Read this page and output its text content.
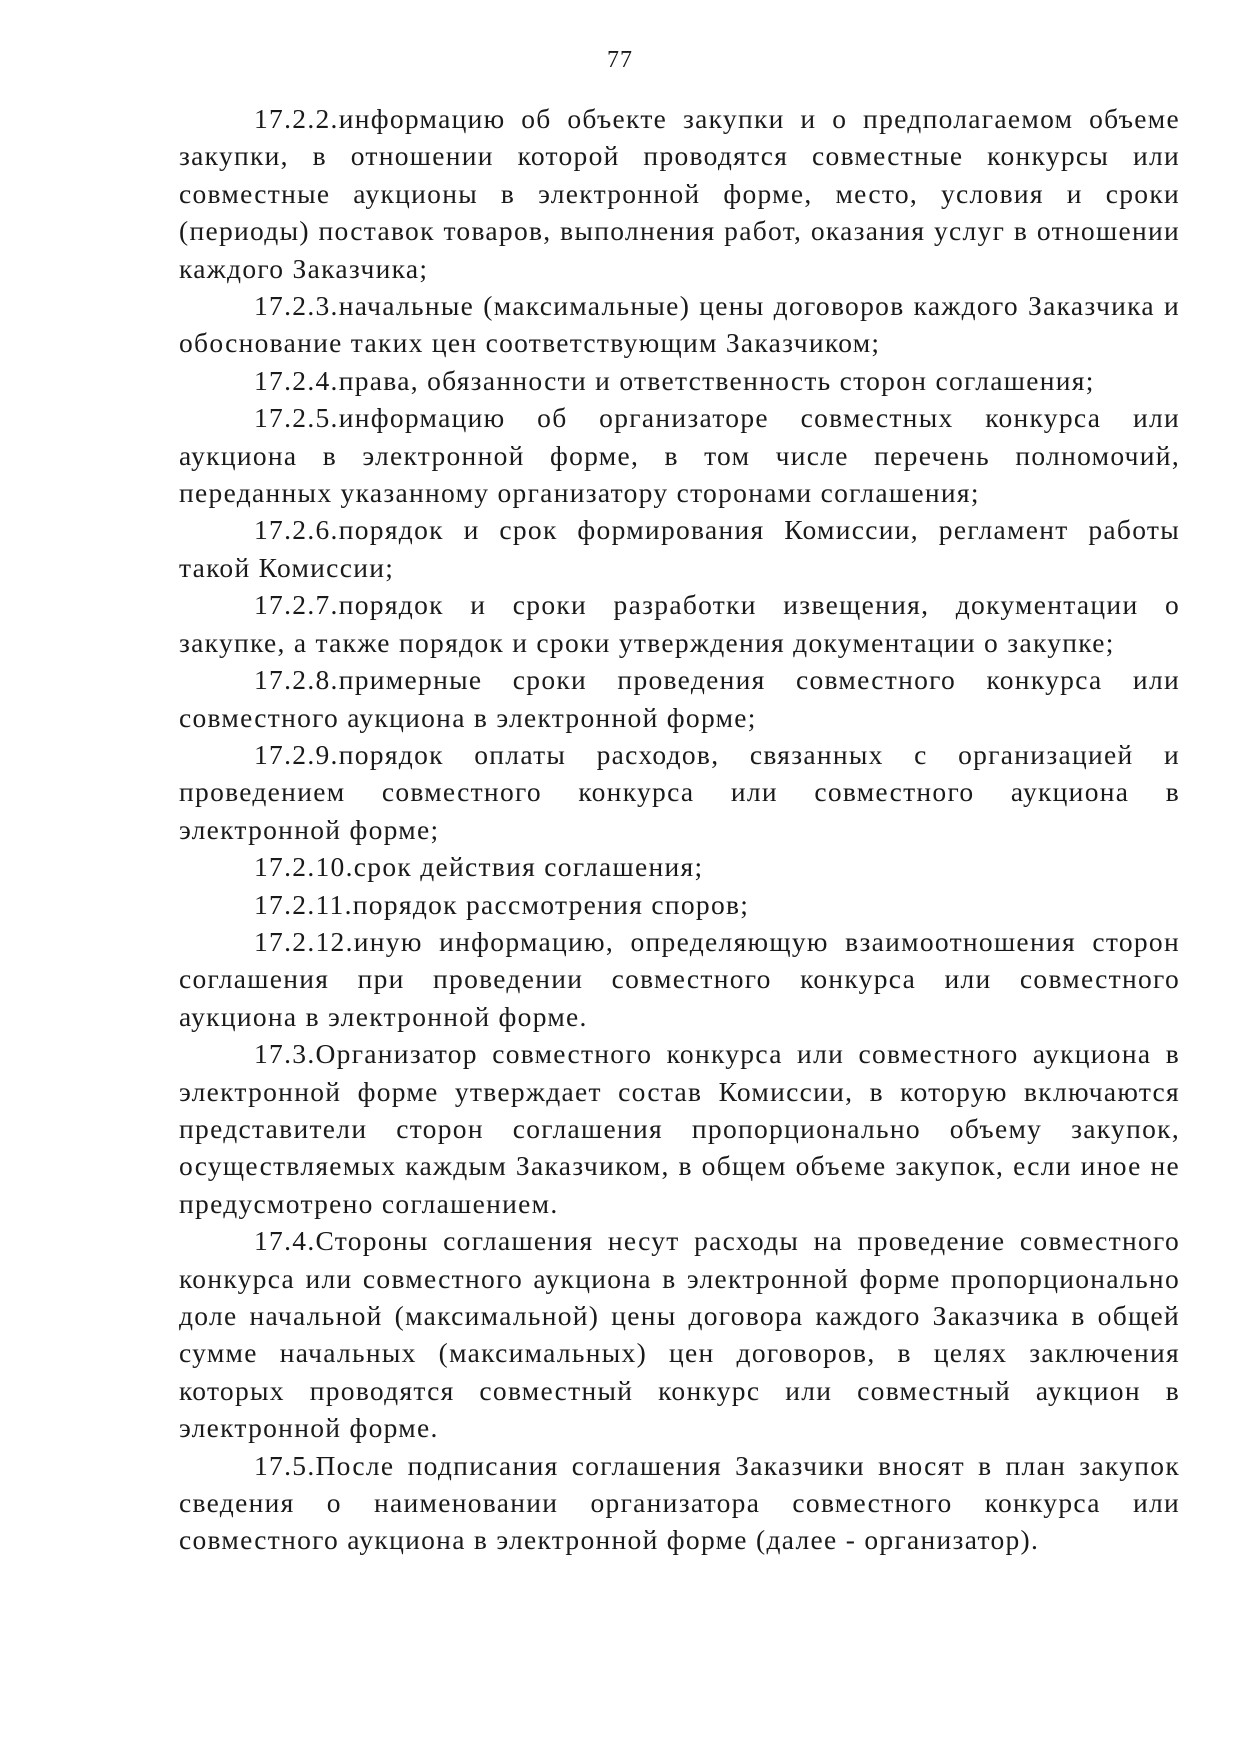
77

17.2.2.информацию об объекте закупки и о предполагаемом объеме закупки, в отношении которой проводятся совместные конкурсы или совместные аукционы в электронной форме, место, условия и сроки (периоды) поставок товаров, выполнения работ, оказания услуг в отношении каждого Заказчика;

17.2.3.начальные (максимальные) цены договоров каждого Заказчика и обоснование таких цен соответствующим Заказчиком;

17.2.4.права, обязанности и ответственность сторон соглашения;

17.2.5.информацию об организаторе совместных конкурса или аукциона в электронной форме, в том числе перечень полномочий, переданных указанному организатору сторонами соглашения;

17.2.6.порядок и срок формирования Комиссии, регламент работы такой Комиссии;

17.2.7.порядок и сроки разработки извещения, документации о закупке, а также порядок и сроки утверждения документации о закупке;

17.2.8.примерные сроки проведения совместного конкурса или совместного аукциона в электронной форме;

17.2.9.порядок оплаты расходов, связанных с организацией и проведением совместного конкурса или совместного аукциона в электронной форме;

17.2.10.срок действия соглашения;

17.2.11.порядок рассмотрения споров;

17.2.12.иную информацию, определяющую взаимоотношения сторон соглашения при проведении совместного конкурса или совместного аукциона в электронной форме.

17.3.Организатор совместного конкурса или совместного аукциона в электронной форме утверждает состав Комиссии, в которую включаются представители сторон соглашения пропорционально объему закупок, осуществляемых каждым Заказчиком, в общем объеме закупок, если иное не предусмотрено соглашением.

17.4.Стороны соглашения несут расходы на проведение совместного конкурса или совместного аукциона в электронной форме пропорционально доле начальной (максимальной) цены договора каждого Заказчика в общей сумме начальных (максимальных) цен договоров, в целях заключения которых проводятся совместный конкурс или совместный аукцион в электронной форме.

17.5.После подписания соглашения Заказчики вносят в план закупок сведения о наименовании организатора совместного конкурса или совместного аукциона в электронной форме (далее - организатор).
